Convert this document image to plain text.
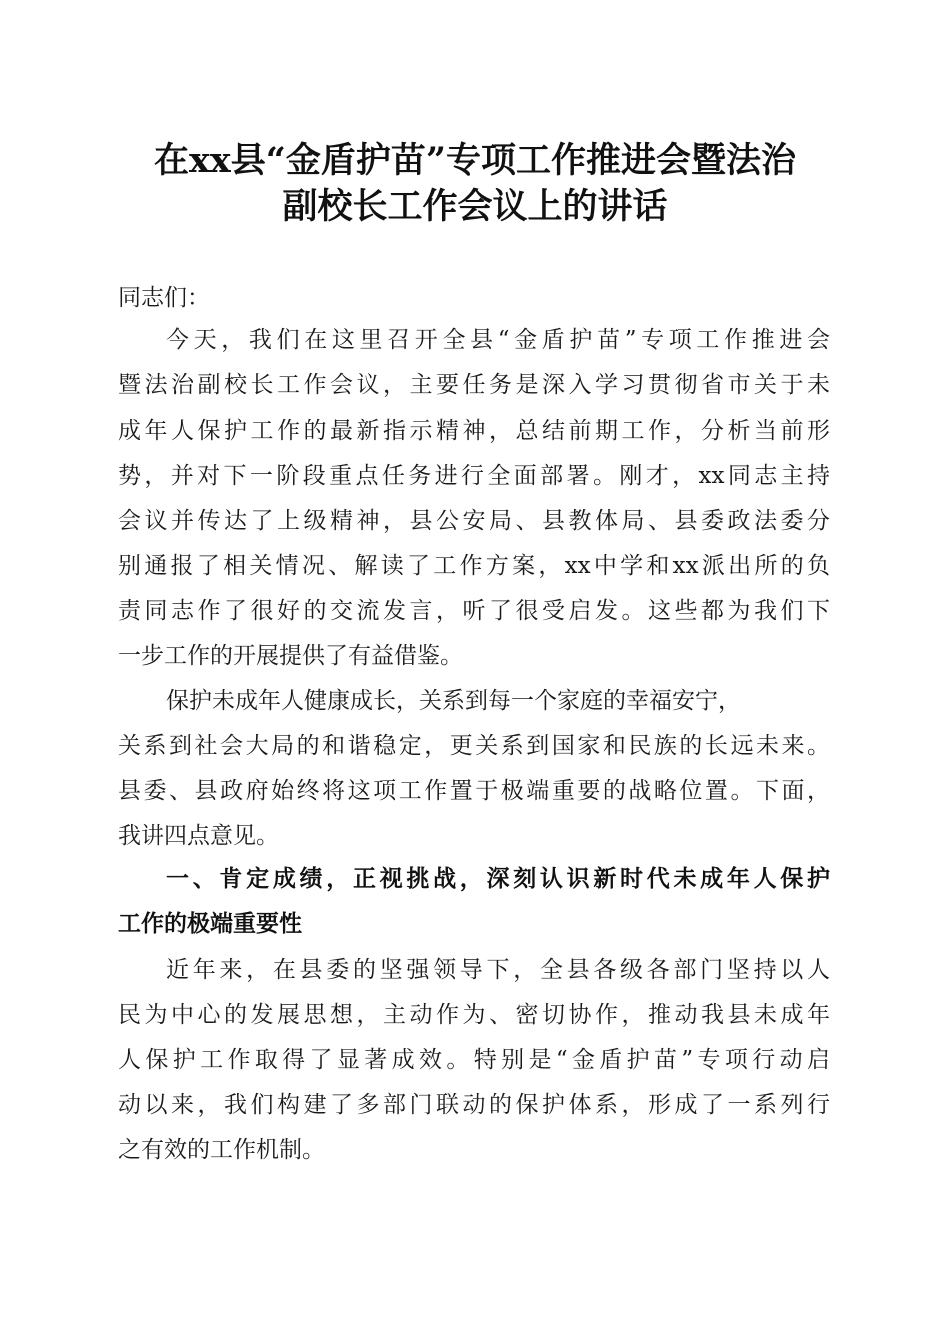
在xx县“金盾护苗”专项工作推进会暨法治
副校长工作会议上的讲话
同志们：
今天，我们在这里召开全县“金盾护苗”专项工作推进会
暨法治副校长工作会议，主要任务是深入学习贯彻省市关于未
成年人保护工作的最新指示精神，总结前期工作，分析当前形
势，并对下一阶段重点任务进行全面部署。刚才，xx同志主持
会议并传达了上级精神，县公安局、县教体局、县委政法委分
别通报了相关情况、解读了工作方案，xx中学和xx派出所的负
责同志作了很好的交流发言，听了很受启发。这些都为我们下
一步工作的开展提供了有益借鉴。
保护未成年人健康成长，关系到每一个家庭的幸福安宁，
关系到社会大局的和谐稳定，更关系到国家和民族的长远未来。
县委、县政府始终将这项工作置于极端重要的战略位置。下面，
我讲四点意见。
一、肯定成绩，正视挑战，深刻认识新时代未成年人保护
工作的极端重要性
近年来，在县委的坚强领导下，全县各级各部门坚持以人
民为中心的发展思想，主动作为、密切协作，推动我县未成年
人保护工作取得了显著成效。特别是“金盾护苗”专项行动启
动以来，我们构建了多部门联动的保护体系，形成了一系列行
之有效的工作机制。
